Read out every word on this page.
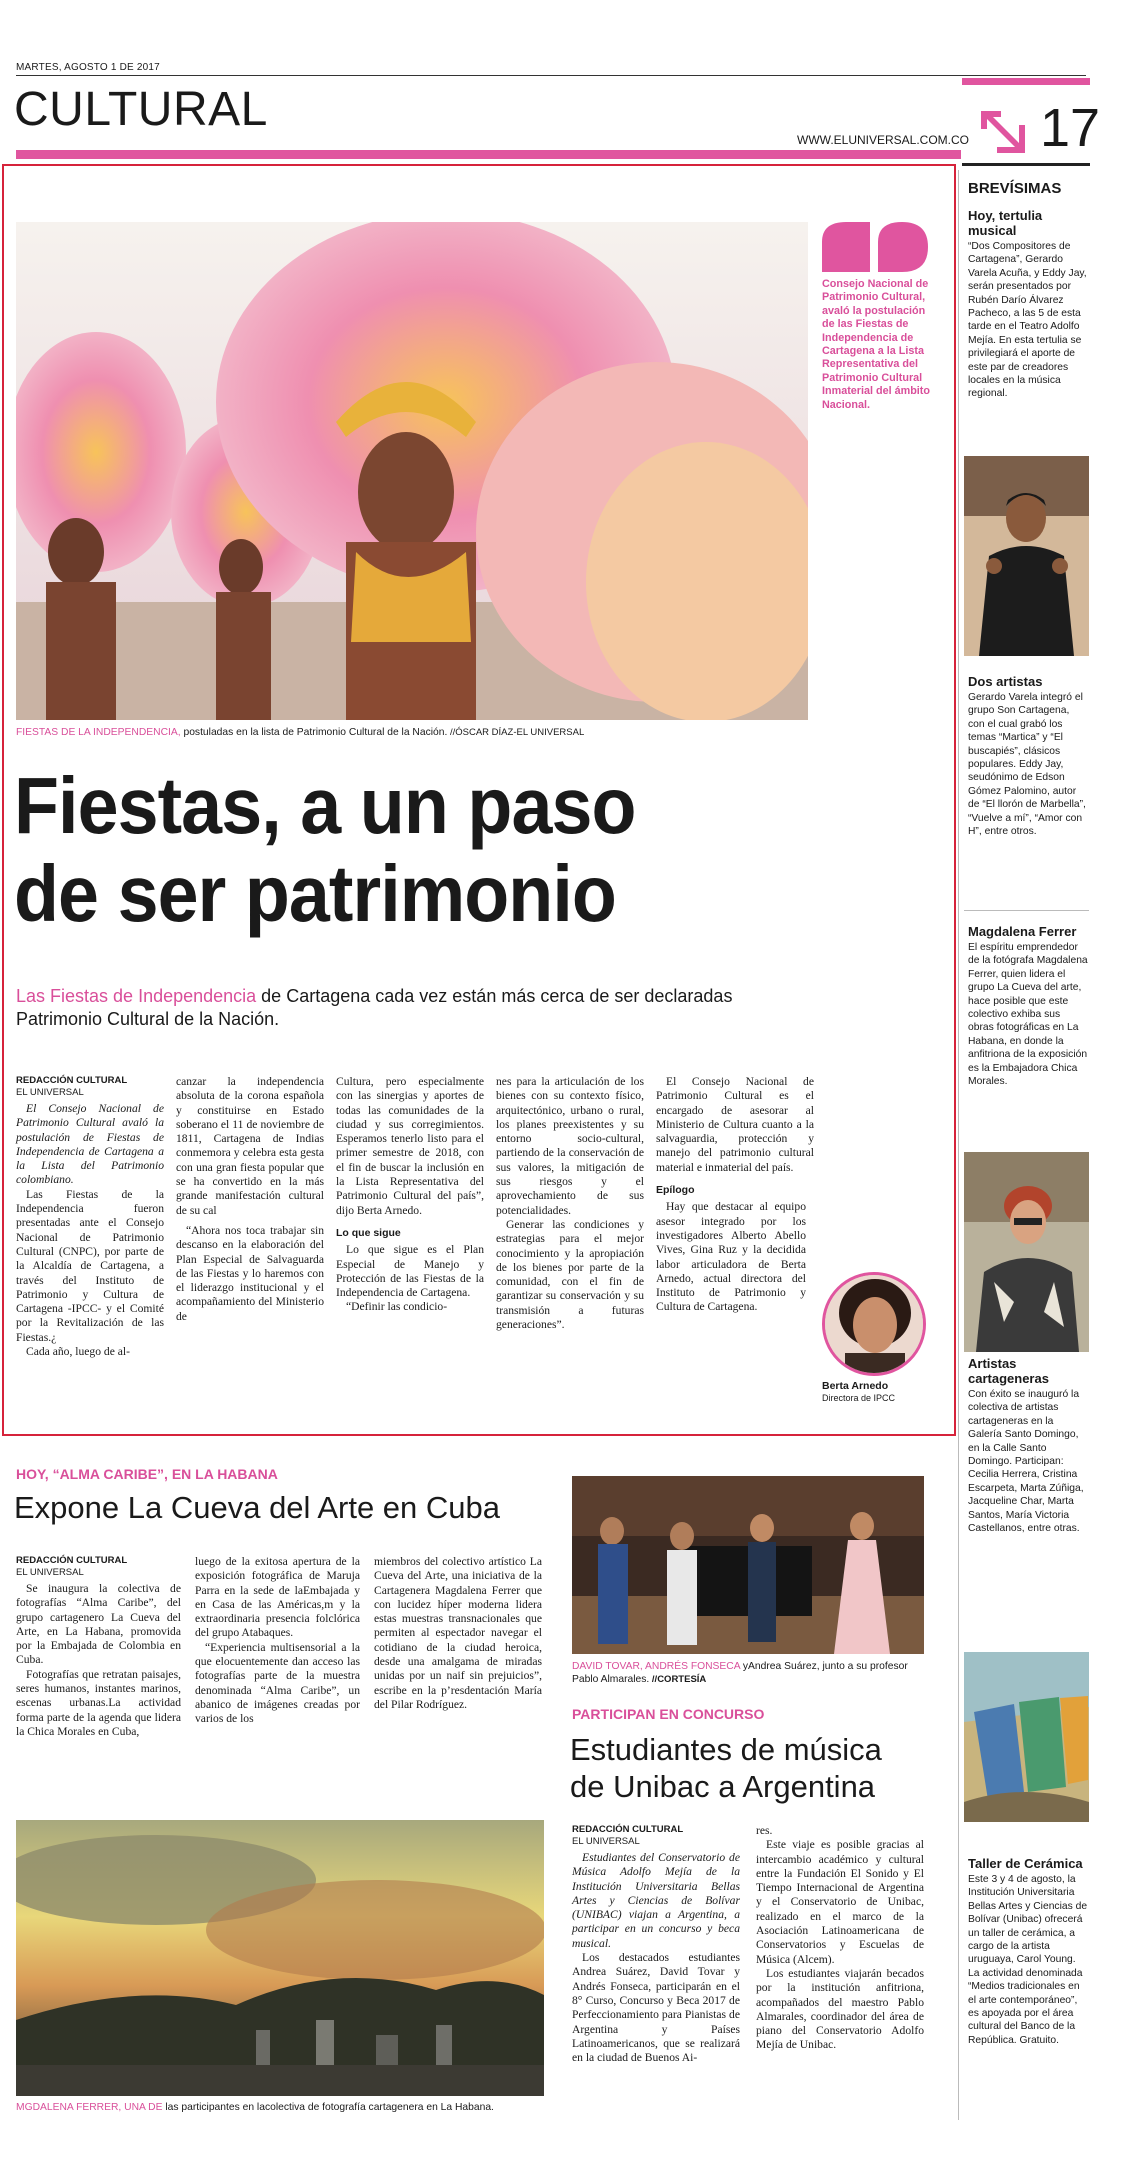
MARTES, AGOSTO 1 DE 2017
CULTURAL
WWW.ELUNIVERSAL.COM.CO 17
FIESTAS DE LA INDEPENDENCIA, postuladas en la lista de Patrimonio Cultural de la Nación. //ÓSCAR DÍAZ-EL UNIVERSAL
Consejo Nacional de Patrimonio Cultural, avaló la postulación de las Fiestas de Independencia de Cartagena a la Lista Representativa del Patrimonio Cultural Inmaterial del ámbito Nacional.
Fiestas, a un paso
de ser patrimonio
Las Fiestas de Independencia de Cartagena cada vez están más cerca de ser declaradas Patrimonio Cultural de la Nación.
REDACCIÓN CULTURAL
EL UNIVERSAL

El Consejo Nacional de Patrimonio Cultural avaló la postulación de Fiestas de Independencia de Cartagena a la Lista del Patrimonio colombiano.

Las Fiestas de la Independencia fueron presentadas ante el Consejo Nacional de Patrimonio Cultural (CNPC), por parte de la Alcaldía de Cartagena, a través del Instituto de Patrimonio y Cultura de Cartagena -IPCC- y el Comité por la Revitalización de las Fiestas.¿

Cada año, luego de al-

canzar la independencia absoluta de la corona española y constituirse en Estado soberano el 11 de noviembre de 1811, Cartagena de Indias conmemora y celebra esta gesta con una gran fiesta popular que se ha convertido en la más grande manifestación cultural de su cal

“Ahora nos toca trabajar sin descanso en la elaboración del Plan Especial de Salvaguarda de las Fiestas y lo haremos con el liderazgo institucional y el acompañamiento del Ministerio de

Cultura, pero especialmente con las sinergias y aportes de todas las comunidades de la ciudad y sus corregimientos. Esperamos tenerlo listo para el primer semestre de 2018, con el fin de buscar la inclusión en la Lista Representativa del Patrimonio Cultural del país”, dijo Berta Arnedo.

Lo que sigue

Lo que sigue es el Plan Especial de Manejo y Protección de las Fiestas de la Independencia de Cartagena.

“Definir las condicio-

nes para la articulación de los bienes con su contexto físico, arquitectónico, urbano o rural, los planes preexistentes y su entorno socio-cultural, partiendo de la conservación de sus valores, la mitigación de sus riesgos y el aprovechamiento de sus potencialidades.

Generar las condiciones y estrategias para el mejor conocimiento y la apropiación de los bienes por parte de la comunidad, con el fin de garantizar su conservación y su transmisión a futuras generaciones”.

El Consejo Nacional de Patrimonio Cultural es el encargado de asesorar al Ministerio de Cultura cuanto a la salvaguardia, protección y manejo del patrimonio cultural material e inmaterial del país.

Epílogo

Hay que destacar al equipo asesor integrado por los investigadores Alberto Abello Vives, Gina Ruz y la decidida labor articuladora de Berta Arnedo, actual directora del Instituto de Patrimonio y Cultura de Cartagena.

Berta Arnedo
Directora de IPCC
HOY, “ALMA CARIBE”, EN LA HABANA
Expone La Cueva del Arte en Cuba
REDACCIÓN CULTURAL
EL UNIVERSAL

Se inaugura la colectiva de fotografías “Alma Caribe”, del grupo cartagenero La Cueva del Arte, en La Habana, promovida por la Embajada de Colombia en Cuba.

Fotografías que retratan paisajes, seres humanos, instantes marinos, escenas urbanas.La actividad forma parte de la agenda que lidera la Chica Morales en Cuba,

luego de la exitosa apertura de la exposición fotográfica de Maruja Parra en la sede de laEmbajada y en Casa de las Américas,m y la extraordinaria presencia folclórica del grupo Atabaques.

“Experiencia multisensorial a la que elocuentemente dan acceso las fotografías parte de la muestra denominada “Alma Caribe”, un abanico de imágenes creadas por varios de los

miembros del colectivo artístico La Cueva del Arte, una iniciativa de la Cartagenera Magdalena Ferrer que con lucidez híper moderna lidera estas muestras transnacionales que permiten al espectador navegar el cotidiano de la ciudad heroica, desde una amalgama de miradas unidas por un naif sin prejuicios”, escribe en la p’resdentación María del Pilar Rodríguez.

MGDALENA FERRER, UNA DE las participantes en lacolectiva de fotografía cartagenera en La Habana.
DAVID TOVAR, ANDRÉS FONSECA yAndrea Suárez, junto a su profesor Pablo Almarales. //CORTESÍA
PARTICIPAN EN CONCURSO
Estudiantes de música
de Unibac a Argentina
REDACCIÓN CULTURAL
EL UNIVERSAL

Estudiantes del Conservatorio de Música Adolfo Mejía de la Institución Universitaria Bellas Artes y Ciencias de Bolívar (UNIBAC) viajan a Argentina, a participar en un concurso y beca musical.

Los destacados estudiantes Andrea Suárez, David Tovar y Andrés Fonseca, participarán en el 8° Curso, Concurso y Beca 2017 de Perfeccionamiento para Pianistas de Argentina y Países Latinoamericanos, que se realizará en la ciudad de Buenos Ai-

res.

Este viaje es posible gracias al intercambio académico y cultural entre la Fundación El Sonido y El Tiempo Internacional de Argentina y el Conservatorio de Unibac, realizado en el marco de la Asociación Latinoamericana de Conservatorios y Escuelas de Música (Alcem).

Los estudiantes viajarán becados por la institución anfitriona, acompañados del maestro Pablo Almarales, coordinador del área de piano del Conservatorio Adolfo Mejía de Unibac.

BREVÍSIMAS
Hoy, tertulia musical
“Dos Compositores de Cartagena”, Gerardo Varela Acuña, y Eddy Jay, serán presentados por Rubén Darío Álvarez Pacheco, a las 5 de esta tarde en el Teatro Adolfo Mejía. En esta tertulia se privilegiará el aporte de este par de creadores locales en la música regional.
Dos artistas
Gerardo Varela integró el grupo Son Cartagena, con el cual grabó los temas “Martica” y “El buscapiés”, clásicos populares. Eddy Jay, seudónimo de Edson Gómez Palomino, autor de “El llorón de Marbella”, “Vuelve a mí”, “Amor con H”, entre otros.
Magdalena Ferrer
El espíritu emprendedor de la fotógrafa Magdalena Ferrer, quien lidera el grupo La Cueva del arte, hace posible que este colectivo exhiba sus obras fotográficas en La Habana, en donde la anfitriona de la exposición es la Embajadora Chica Morales.
Artistas cartageneras
Con éxito se inauguró la colectiva de artistas cartageneras en la Galería Santo Domingo, en la Calle Santo Domingo. Participan: Cecilia Herrera, Cristina Escarpeta, Marta Zúñiga, Jacqueline Char, Marta Santos, María Victoria Castellanos, entre otras.
Taller de Cerámica
Este 3 y 4 de agosto, la Institución Universitaria Bellas Artes y Ciencias de Bolívar (Unibac) ofrecerá un taller de cerámica, a cargo de la artista uruguaya, Carol Young. La actividad denominada “Medios tradicionales en el arte contemporáneo”, es apoyada por el área cultural del Banco de la República. Gratuito.
